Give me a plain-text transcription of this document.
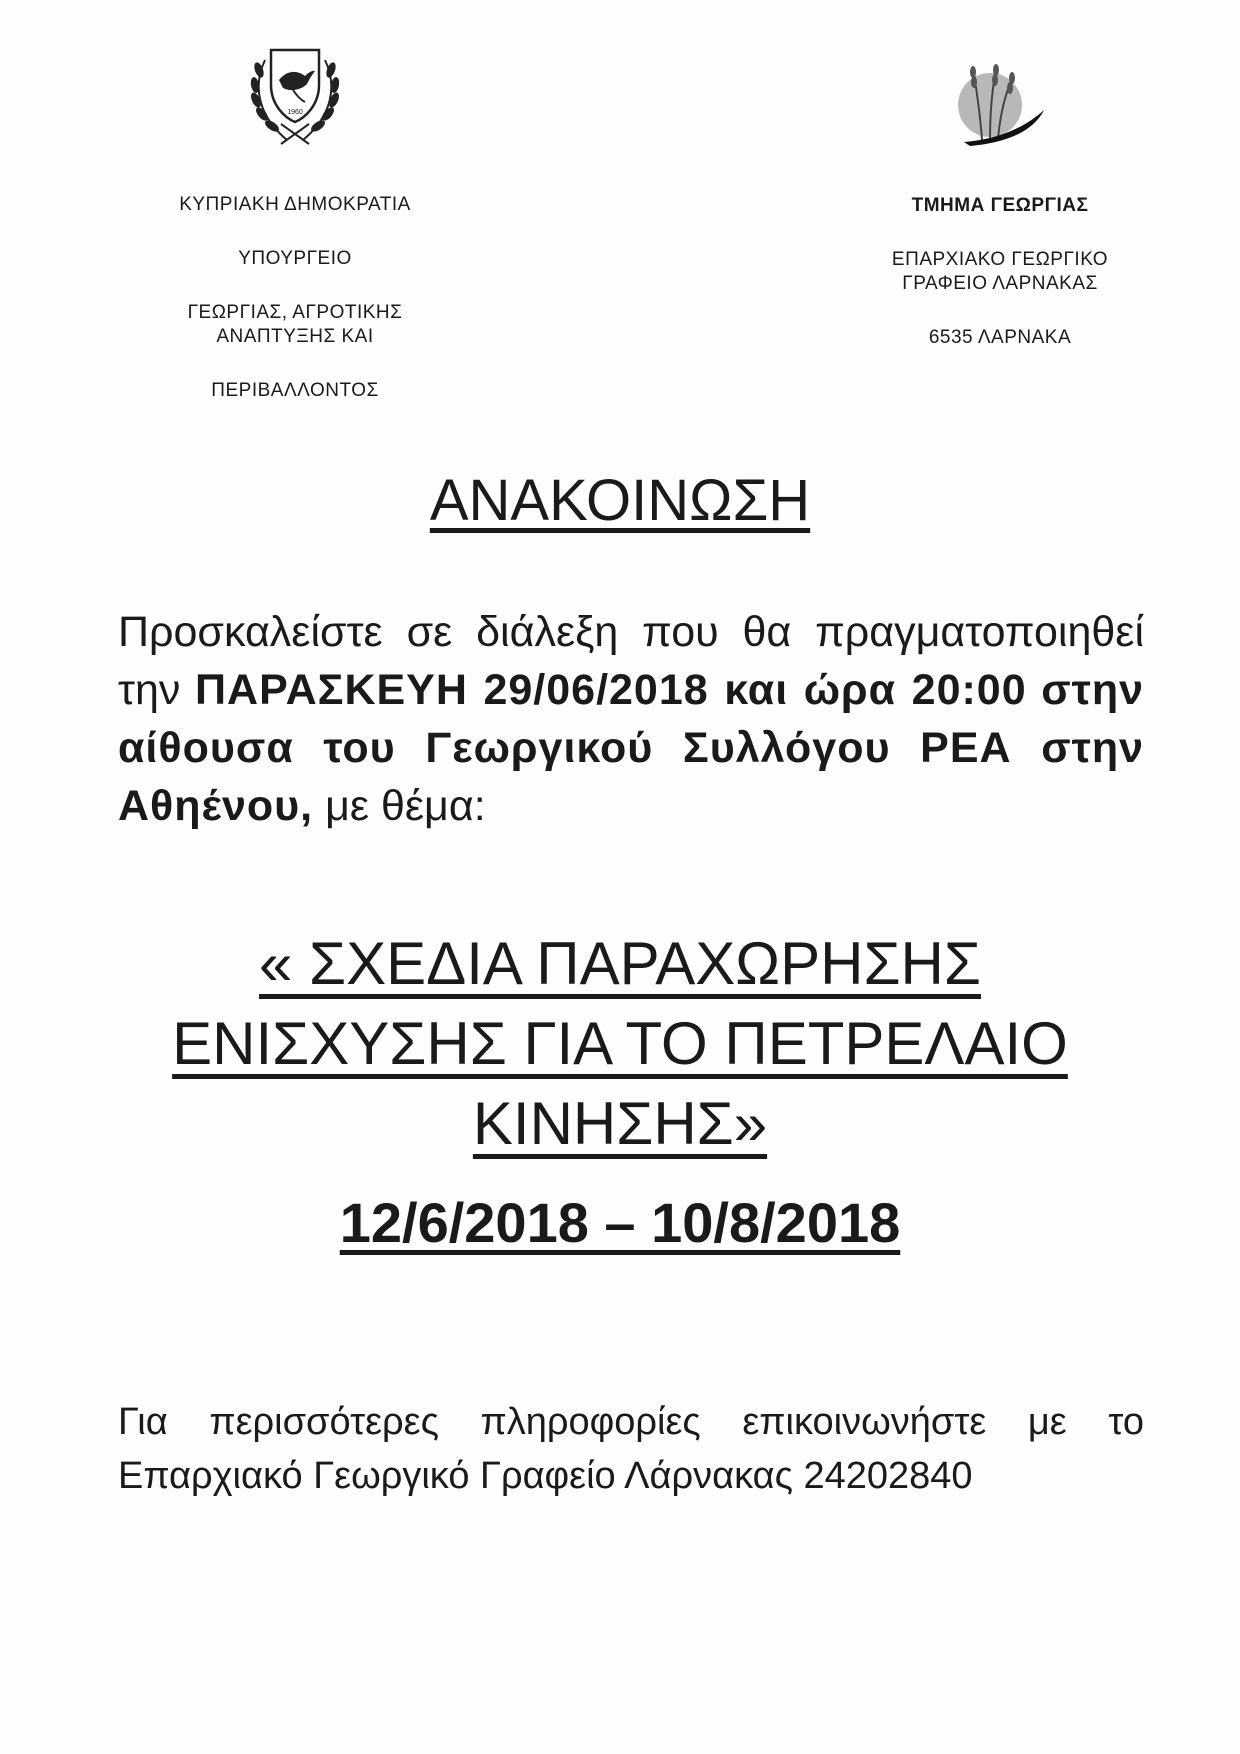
1960

ΚΥΠΡΙΑΚΗ ΔΗΜΟΚΡΑΤΙΑ

ΥΠΟΥΡΓΕΙΟ

ΓΕΩΡΓΙΑΣ, ΑΓΡΟΤΙΚΗΣ

ΑΝΑΠΤΥΞΗΣ ΚΑΙ

ΠΕΡΙΒΑΛΛΟΝΤΟΣ

ΤΜΗΜΑ ΓΕΩΡΓΙΑΣ

ΕΠΑΡΧΙΑΚΟ ΓΕΩΡΓΙΚΟ

ΓΡΑΦΕΙΟ ΛΑΡΝΑΚΑΣ

6535 ΛΑΡΝΑΚΑ

ΑΝΑΚΟΙΝΩΣΗ
Προσκαλείστε σε διάλεξη που θα πραγματοποιηθεί την ΠΑΡΑΣΚΕΥΗ 29/06/2018 και ώρα 20:00 στην αίθουσα του Γεωργικού Συλλόγου ΡΕΑ στην Αθηένου, με θέμα:
« ΣΧΕΔΙΑ ΠΑΡΑΧΩΡΗΣΗΣ
ΕΝΙΣΧΥΣΗΣ ΓΙΑ ΤΟ ΠΕΤΡΕΛΑΙΟ
ΚΙΝΗΣΗΣ»
12/6/2018 – 10/8/2018
Για περισσότερες πληροφορίες επικοινωνήστε με το Επαρχιακό Γεωργικό Γραφείο Λάρνακας 24202840
